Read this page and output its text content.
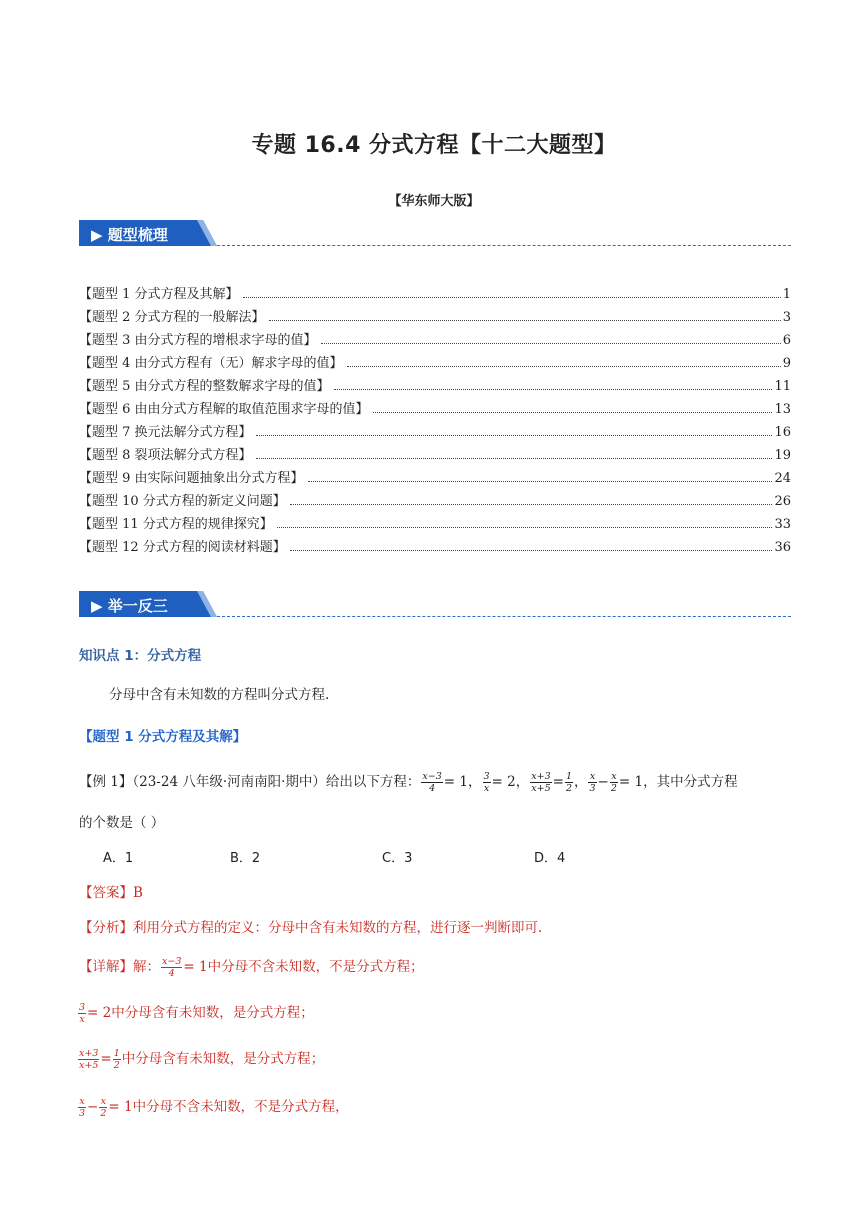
专题 16.4 分式方程【十二大题型】
【华东师大版】
▶ 题型梳理
【题型 1 分式方程及其解】	1
【题型 2 分式方程的一般解法】	3
【题型 3 由分式方程的增根求字母的值】	6
【题型 4 由分式方程有（无）解求字母的值】	9
【题型 5 由分式方程的整数解求字母的值】	11
【题型 6 由由分式方程解的取值范围求字母的值】	13
【题型 7 换元法解分式方程】	16
【题型 8 裂项法解分式方程】	19
【题型 9 由实际问题抽象出分式方程】	24
【题型 10 分式方程的新定义问题】	26
【题型 11 分式方程的规律探究】	33
【题型 12 分式方程的阅读材料题】	36
▶ 举一反三
知识点 1：分式方程
分母中含有未知数的方程叫分式方程.
【题型 1 分式方程及其解】
【例 1】（23-24 八年级·河南南阳·期中）给出以下方程： $\frac{x-3}{4} = 1$， $\frac{3}{x} = 2$， $\frac{x+3}{x+5} = \frac{1}{2}$ ， $\frac{x}{3} - \frac{x}{2} = 1$，其中分式方程
的个数是（ ）
A．1	B．2	C．3	D．4
【答案】B
【分析】利用分式方程的定义：分母中含有未知数的方程，进行逐一判断即可.
【详解】解： $\frac{x-3}{4} = 1$中分母不含未知数，不是分式方程；
$\frac{3}{x} = 2$中分母含有未知数，是分式方程；
$\frac{x+3}{x+5} = \frac{1}{2}$ 中分母含有未知数，是分式方程；
$\frac{x}{3} - \frac{x}{2} = 1$中分母不含未知数，不是分式方程，
